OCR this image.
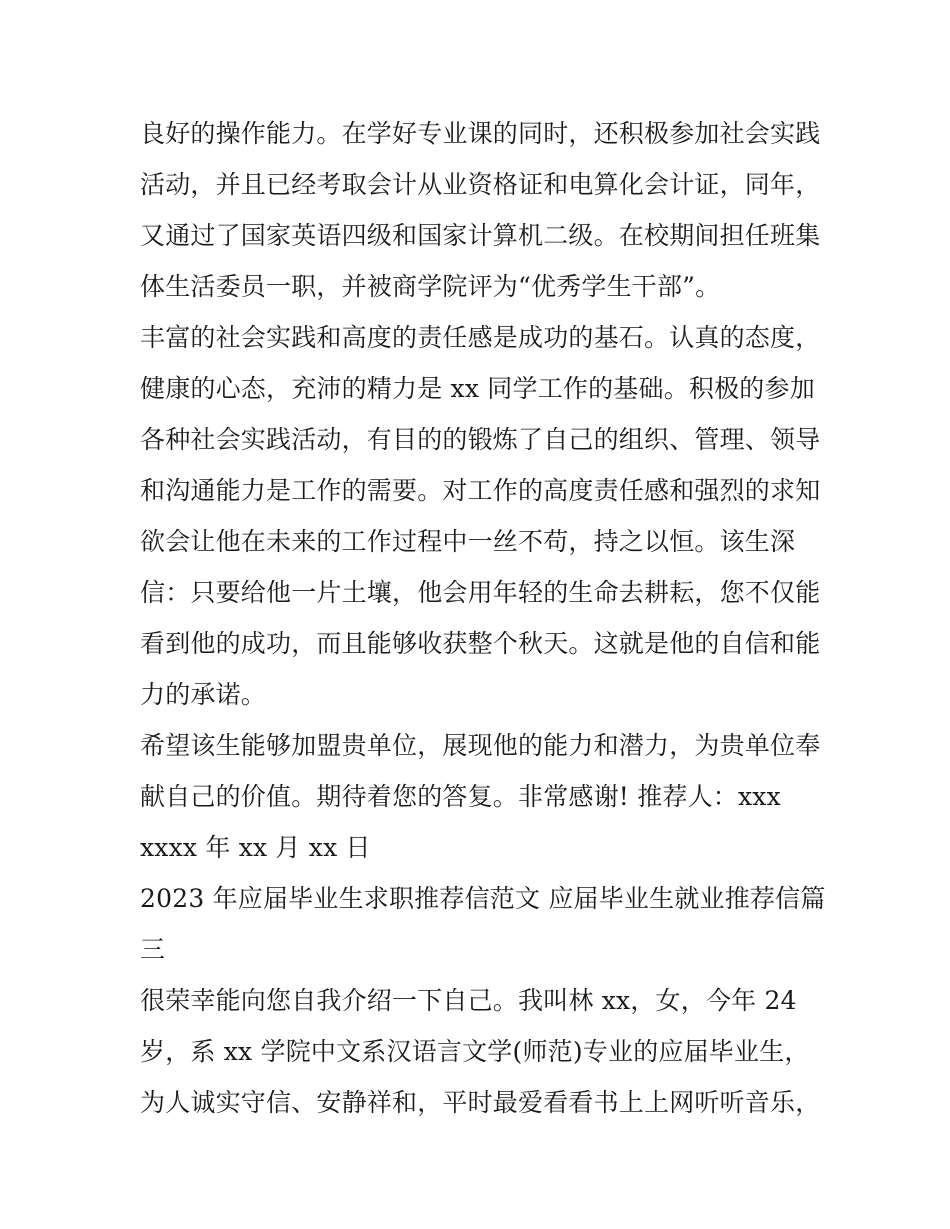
良好的操作能力。在学好专业课的同时，还积极参加社会实践
活动，并且已经考取会计从业资格证和电算化会计证，同年，
又通过了国家英语四级和国家计算机二级。在校期间担任班集
体生活委员一职，并被商学院评为“优秀学生干部”。
丰富的社会实践和高度的责任感是成功的基石。认真的态度，
健康的心态，充沛的精力是 xx 同学工作的基础。积极的参加
各种社会实践活动，有目的的锻炼了自己的组织、管理、领导
和沟通能力是工作的需要。对工作的高度责任感和强烈的求知
欲会让他在未来的工作过程中一丝不苟，持之以恒。该生深
信：只要给他一片土壤，他会用年轻的生命去耕耘，您不仅能
看到他的成功，而且能够收获整个秋天。这就是他的自信和能
力的承诺。
希望该生能够加盟贵单位，展现他的能力和潜力，为贵单位奉
献自己的价值。期待着您的答复。非常感谢! 推荐人：xxx
xxxx 年 xx 月 xx 日
2023 年应届毕业生求职推荐信范文 应届毕业生就业推荐信篇
三
很荣幸能向您自我介绍一下自己。我叫林 xx，女，今年 24
岁，系 xx 学院中文系汉语言文学(师范)专业的应届毕业生，
为人诚实守信、安静祥和，平时最爱看看书上上网听听音乐，
